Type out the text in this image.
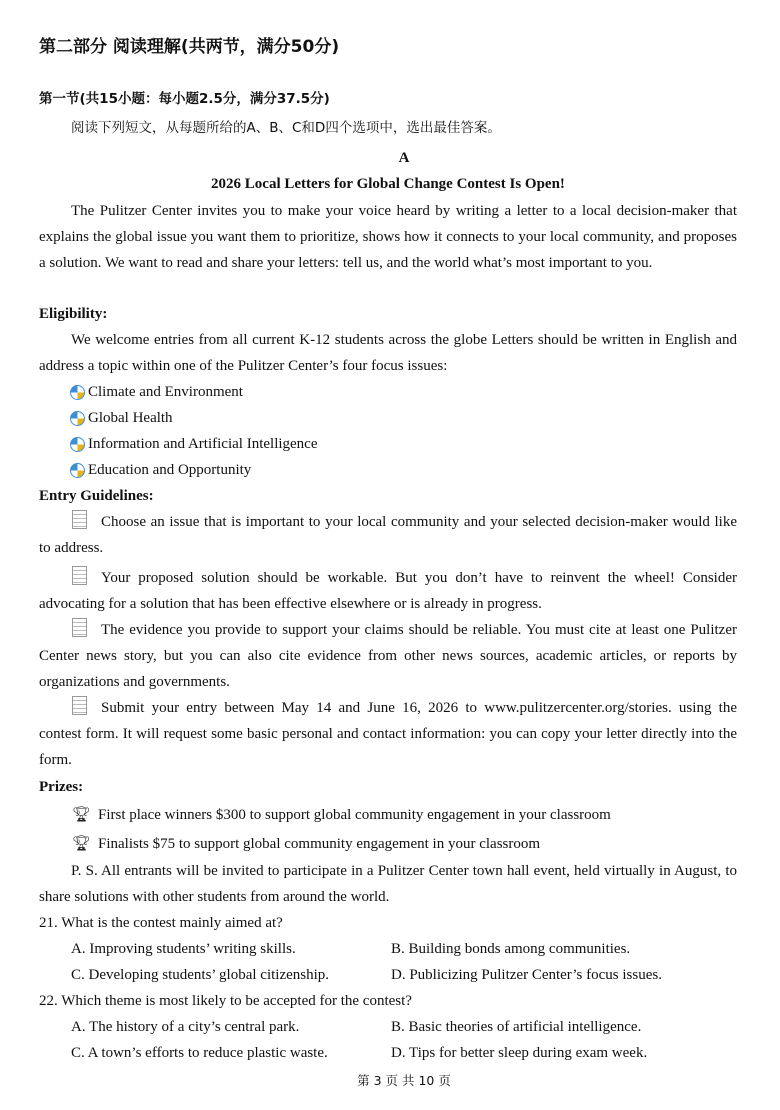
第二部分 阅读理解(共两节，满分50分)
第一节(共15小题：每小题2.5分，满分37.5分)
阅读下列短文，从每题所给的A、B、C和D四个选项中，选出最佳答案。
A
2026 Local Letters for Global Change Contest Is Open!
The Pulitzer Center invites you to make your voice heard by writing a letter to a local decision-maker that explains the global issue you want them to prioritize, shows how it connects to your local community, and proposes a solution. We want to read and share your letters: tell us, and the world what’s most important to you.
Eligibility:
We welcome entries from all current K-12 students across the globe Letters should be written in English and address a topic within one of the Pulitzer Center’s four focus issues:
Climate and Environment
Global Health
Information and Artificial Intelligence
Education and Opportunity
Entry Guidelines:
Choose an issue that is important to your local community and your selected decision-maker would like to address.
Your proposed solution should be workable. But you don’t have to reinvent the wheel! Consider advocating for a solution that has been effective elsewhere or is already in progress.
The evidence you provide to support your claims should be reliable. You must cite at least one Pulitzer Center news story, but you can also cite evidence from other news sources, academic articles, or reports by organizations and governments.
Submit your entry between May 14 and June 16, 2026 to www.pulitzercenter.org/stories. using the contest form. It will request some basic personal and contact information: you can copy your letter directly into the form.
Prizes:
🏆︎ First place winners $300 to support global community engagement in your classroom
🏆︎ Finalists $75 to support global community engagement in your classroom
P. S. All entrants will be invited to participate in a Pulitzer Center town hall event, held virtually in August, to share solutions with other students from around the world.
21. What is the contest mainly aimed at?
A. Improving students’ writing skills.	B. Building bonds among communities.
C. Developing students’ global citizenship.	D. Publicizing Pulitzer Center’s focus issues.
22. Which theme is most likely to be accepted for the contest?
A. The history of a city’s central park.	B. Basic theories of artificial intelligence.
C. A town’s efforts to reduce plastic waste.	D. Tips for better sleep during exam week.
第 3 页 共 10 页
